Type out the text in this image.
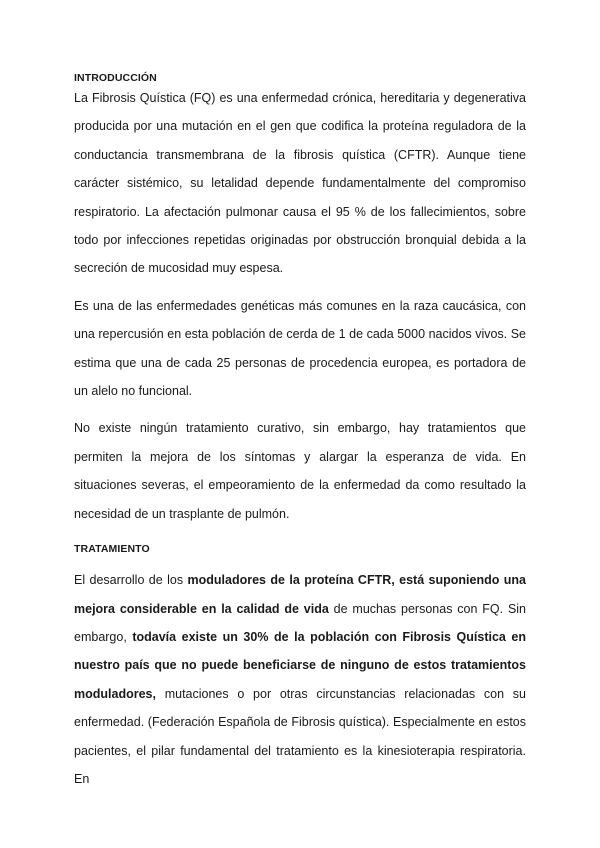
INTRODUCCIÓN

La Fibrosis Quística (FQ) es una enfermedad crónica, hereditaria y degenerativa producida por una mutación en el gen que codifica la proteína reguladora de la conductancia transmembrana de la fibrosis quística (CFTR). Aunque tiene carácter sistémico, su letalidad depende fundamentalmente del compromiso respiratorio. La afectación pulmonar causa el 95 % de los fallecimientos, sobre todo por infecciones repetidas originadas por obstrucción bronquial debida a la secreción de mucosidad muy espesa.

Es una de las enfermedades genéticas más comunes en la raza caucásica, con una repercusión en esta población de cerda de 1 de cada 5000 nacidos vivos. Se estima que una de cada 25 personas de procedencia europea, es portadora de un alelo no funcional.

No existe ningún tratamiento curativo, sin embargo, hay tratamientos que permiten la mejora de los síntomas y alargar la esperanza de vida. En situaciones severas, el empeoramiento de la enfermedad da como resultado la necesidad de un trasplante de pulmón.

TRATAMIENTO

El desarrollo de los moduladores de la proteína CFTR, está suponiendo una mejora considerable en la calidad de vida de muchas personas con FQ. Sin embargo, todavía existe un 30% de la población con Fibrosis Quística en nuestro país que no puede beneficiarse de ninguno de estos tratamientos moduladores, mutaciones o por otras circunstancias relacionadas con su enfermedad. (Federación Española de Fibrosis quística). Especialmente en estos pacientes, el pilar fundamental del tratamiento es la kinesioterapia respiratoria. En
